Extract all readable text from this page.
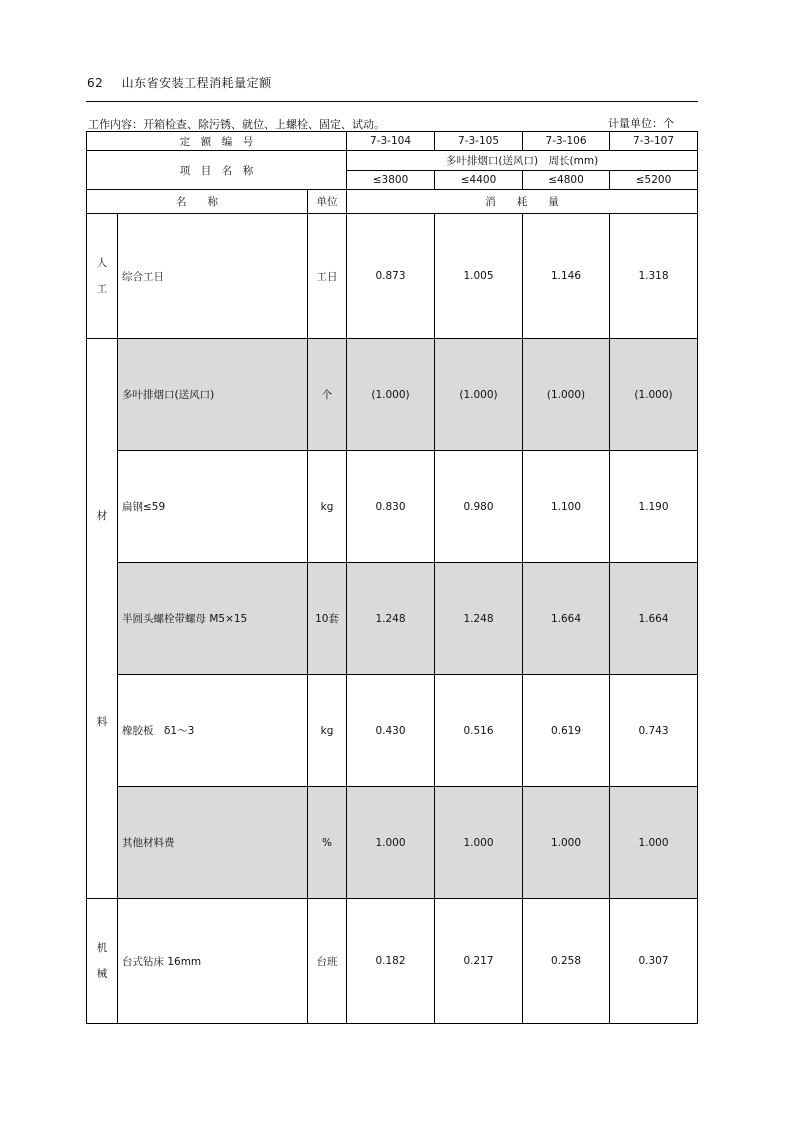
62 山东省安装工程消耗量定额
工作内容：开箱检查、除污锈、就位、上螺栓、固定、试动。	计量单位：个
定　额　编　号			7-3-104	7-3-105	7-3-106	7-3-107
项　目　名　称			多叶排烟口(送风口)　周长(mm)			
			≤3800	≤4400	≤4800	≤5200
名　　称		单位	消　　耗　　量			
人
工	综合工日	工日	0.873	1.005	1.146	1.318
材
料	多叶排烟口(送风口)	个	(1.000)	(1.000)	(1.000)	(1.000)
	扁钢≤59	kg	0.830	0.980	1.100	1.190
	半圆头螺栓带螺母 M5×15	10套	1.248	1.248	1.664	1.664
	橡胶板　δ1～3	kg	0.430	0.516	0.619	0.743
	其他材料费	%	1.000	1.000	1.000	1.000
机
械	台式钻床 16mm	台班	0.182	0.217	0.258	0.307
